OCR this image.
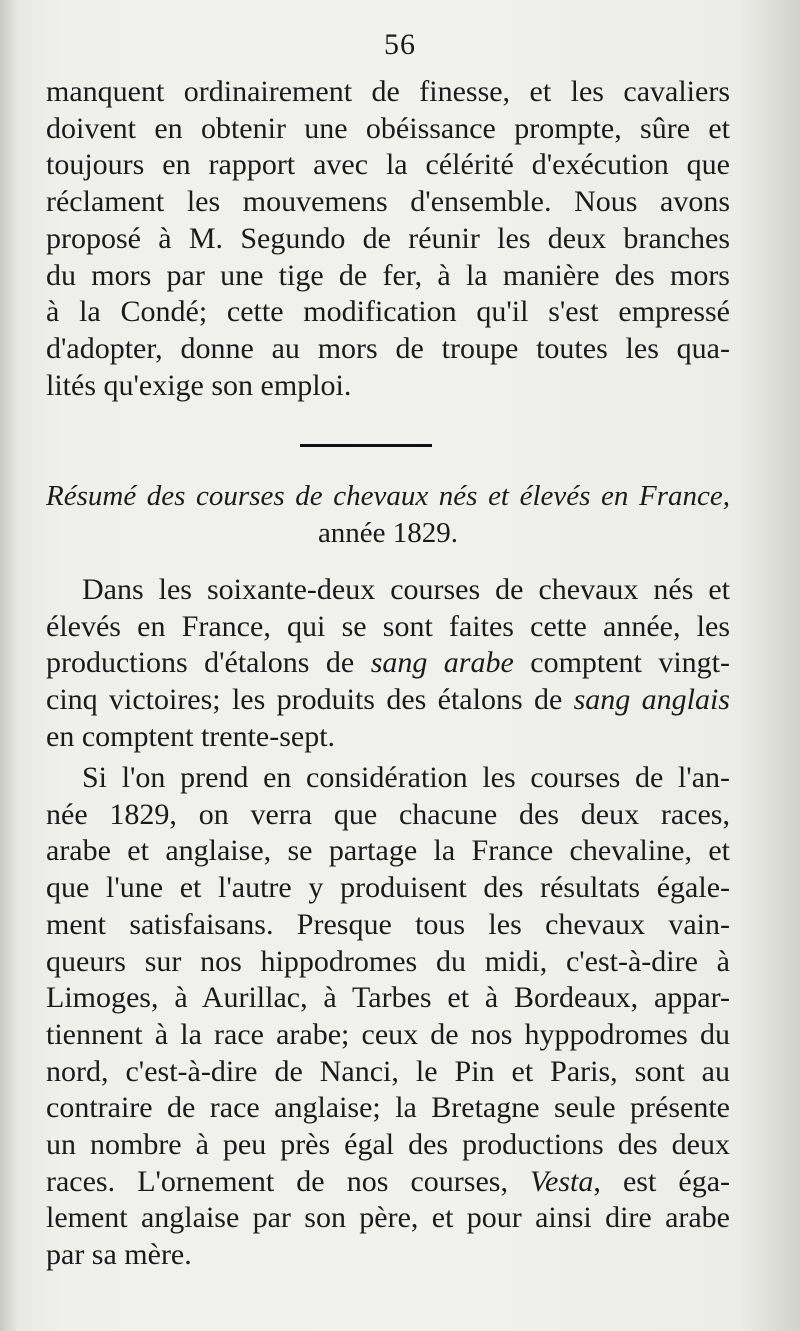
56
manquent ordinairement de finesse, et les cavaliers
doivent en obtenir une obéissance prompte, sûre et
toujours en rapport avec la célérité d'exécution que
réclament les mouvemens d'ensemble. Nous avons
proposé à M. Segundo de réunir les deux branches
du mors par une tige de fer, à la manière des mors
à la Condé; cette modification qu'il s'est empressé
d'adopter, donne au mors de troupe toutes les qua-
lités qu'exige son emploi.
Résumé des courses de chevaux nés et élevés en France,
année 1829.
Dans les soixante-deux courses de chevaux nés et
élevés en France, qui se sont faites cette année, les
productions d'étalons de sang arabe comptent vingt-
cinq victoires; les produits des étalons de sang anglais
en comptent trente-sept.
Si l'on prend en considération les courses de l'an-
née 1829, on verra que chacune des deux races,
arabe et anglaise, se partage la France chevaline, et
que l'une et l'autre y produisent des résultats égale-
ment satisfaisans. Presque tous les chevaux vain-
queurs sur nos hippodromes du midi, c'est-à-dire à
Limoges, à Aurillac, à Tarbes et à Bordeaux, appar-
tiennent à la race arabe; ceux de nos hyppodromes du
nord, c'est-à-dire de Nanci, le Pin et Paris, sont au
contraire de race anglaise; la Bretagne seule présente
un nombre à peu près égal des productions des deux
races. L'ornement de nos courses, Vesta, est éga-
lement anglaise par son père, et pour ainsi dire arabe
par sa mère.
